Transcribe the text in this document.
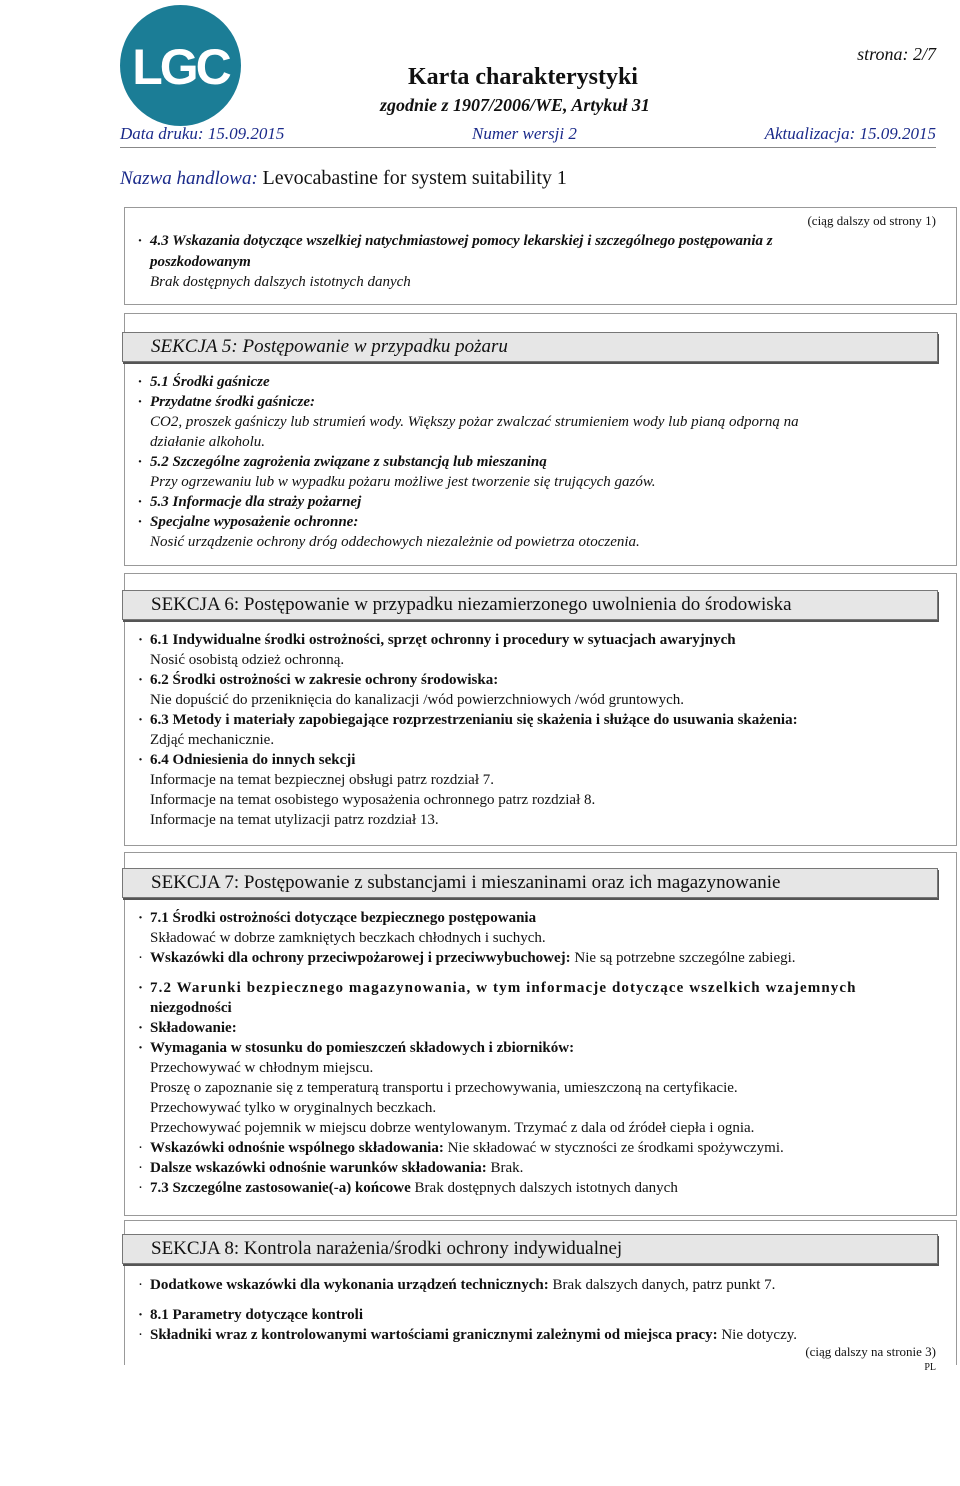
LGC	strona: 2/7
Karta charakterystyki
zgodnie z 1907/2006/WE, Artykuł 31
Data druku: 15.09.2015	Numer wersji 2	Aktualizacja: 15.09.2015
Nazwa handlowa: Levocabastine for system suitability 1
(ciąg dalszy od strony 1)
· 4.3 Wskazania dotyczące wszelkiej natychmiastowej pomocy lekarskiej i szczególnego postępowania z
poszkodowanym
Brak dostępnych dalszych istotnych danych
SEKCJA 5: Postępowanie w przypadku pożaru
· 5.1 Środki gaśnicze
· Przydatne środki gaśnicze:
CO2, proszek gaśniczy lub strumień wody. Większy pożar zwalczać strumieniem wody lub pianą odporną na
działanie alkoholu.
· 5.2 Szczególne zagrożenia związane z substancją lub mieszaniną
Przy ogrzewaniu lub w wypadku pożaru możliwe jest tworzenie się trujących gazów.
· 5.3 Informacje dla straży pożarnej
· Specjalne wyposażenie ochronne:
Nosić urządzenie ochrony dróg oddechowych niezależnie od powietrza otoczenia.
SEKCJA 6: Postępowanie w przypadku niezamierzonego uwolnienia do środowiska
· 6.1 Indywidualne środki ostrożności, sprzęt ochronny i procedury w sytuacjach awaryjnych
Nosić osobistą odzież ochronną.
· 6.2 Środki ostrożności w zakresie ochrony środowiska:
Nie dopuścić do przeniknięcia do kanalizacji /wód powierzchniowych /wód gruntowych.
· 6.3 Metody i materiały zapobiegające rozprzestrzenianiu się skażenia i służące do usuwania skażenia:
Zdjąć mechanicznie.
· 6.4 Odniesienia do innych sekcji
Informacje na temat bezpiecznej obsługi patrz rozdział 7.
Informacje na temat osobistego wyposażenia ochronnego patrz rozdział 8.
Informacje na temat utylizacji patrz rozdział 13.
SEKCJA 7: Postępowanie z substancjami i mieszaninami oraz ich magazynowanie
· 7.1 Środki ostrożności dotyczące bezpiecznego postępowania
Składować w dobrze zamkniętych beczkach chłodnych i suchych.
· Wskazówki dla ochrony przeciwpożarowej i przeciwwybuchowej: Nie są potrzebne szczególne zabiegi.
· 7.2 Warunki bezpiecznego magazynowania, w tym informacje dotyczące wszelkich wzajemnych
niezgodności
· Składowanie:
· Wymagania w stosunku do pomieszczeń składowych i zbiorników:
Przechowywać w chłodnym miejscu.
Proszę o zapoznanie się z temperaturą transportu i przechowywania, umieszczoną na certyfikacie.
Przechowywać tylko w oryginalnych beczkach.
Przechowywać pojemnik w miejscu dobrze wentylowanym. Trzymać z dala od źródeł ciepła i ognia.
· Wskazówki odnośnie wspólnego składowania: Nie składować w styczności ze środkami spożywczymi.
· Dalsze wskazówki odnośnie warunków składowania: Brak.
· 7.3 Szczególne zastosowanie(-a) końcowe Brak dostępnych dalszych istotnych danych
SEKCJA 8: Kontrola narażenia/środki ochrony indywidualnej
· Dodatkowe wskazówki dla wykonania urządzeń technicznych: Brak dalszych danych, patrz punkt 7.
· 8.1 Parametry dotyczące kontroli
· Składniki wraz z kontrolowanymi wartościami granicznymi zależnymi od miejsca pracy: Nie dotyczy.
(ciąg dalszy na stronie 3)
PL
